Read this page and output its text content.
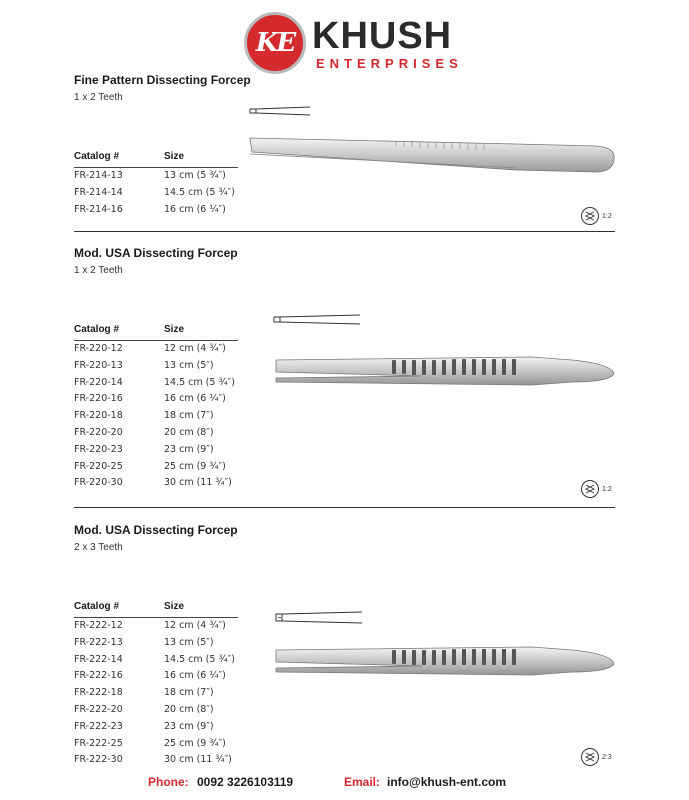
KE KHUSH
ENTERPRISES
Fine Pattern Dissecting Forcep
1 x 2 Teeth
Catalog #	Size
FR-214-13	13 cm (5 ¾″)
FR-214-14	14.5 cm (5 ¾″)
FR-214-16	16 cm (6 ¼″)
1:2
Mod. USA Dissecting Forcep
1 x 2 Teeth
Catalog #	Size
FR-220-12	12 cm (4 ¾″)
FR-220-13	13 cm (5″)
FR-220-14	14.5 cm (5 ¾″)
FR-220-16	16 cm (6 ¼″)
FR-220-18	18 cm (7″)
FR-220-20	20 cm (8″)
FR-220-23	23 cm (9″)
FR-220-25	25 cm (9 ¾″)
FR-220-30	30 cm (11 ¾″)
1:2
Mod. USA Dissecting Forcep
2 x 3 Teeth
Catalog #	Size
FR-222-12	12 cm (4 ¾″)
FR-222-13	13 cm (5″)
FR-222-14	14.5 cm (5 ¾″)
FR-222-16	16 cm (6 ¼″)
FR-222-18	18 cm (7″)
FR-222-20	20 cm (8″)
FR-222-23	23 cm (9″)
FR-222-25	25 cm (9 ¾″)
FR-222-30	30 cm (11 ¾″)	2:3
Phone: 0092 3226103119	Email: info@khush-ent.com
